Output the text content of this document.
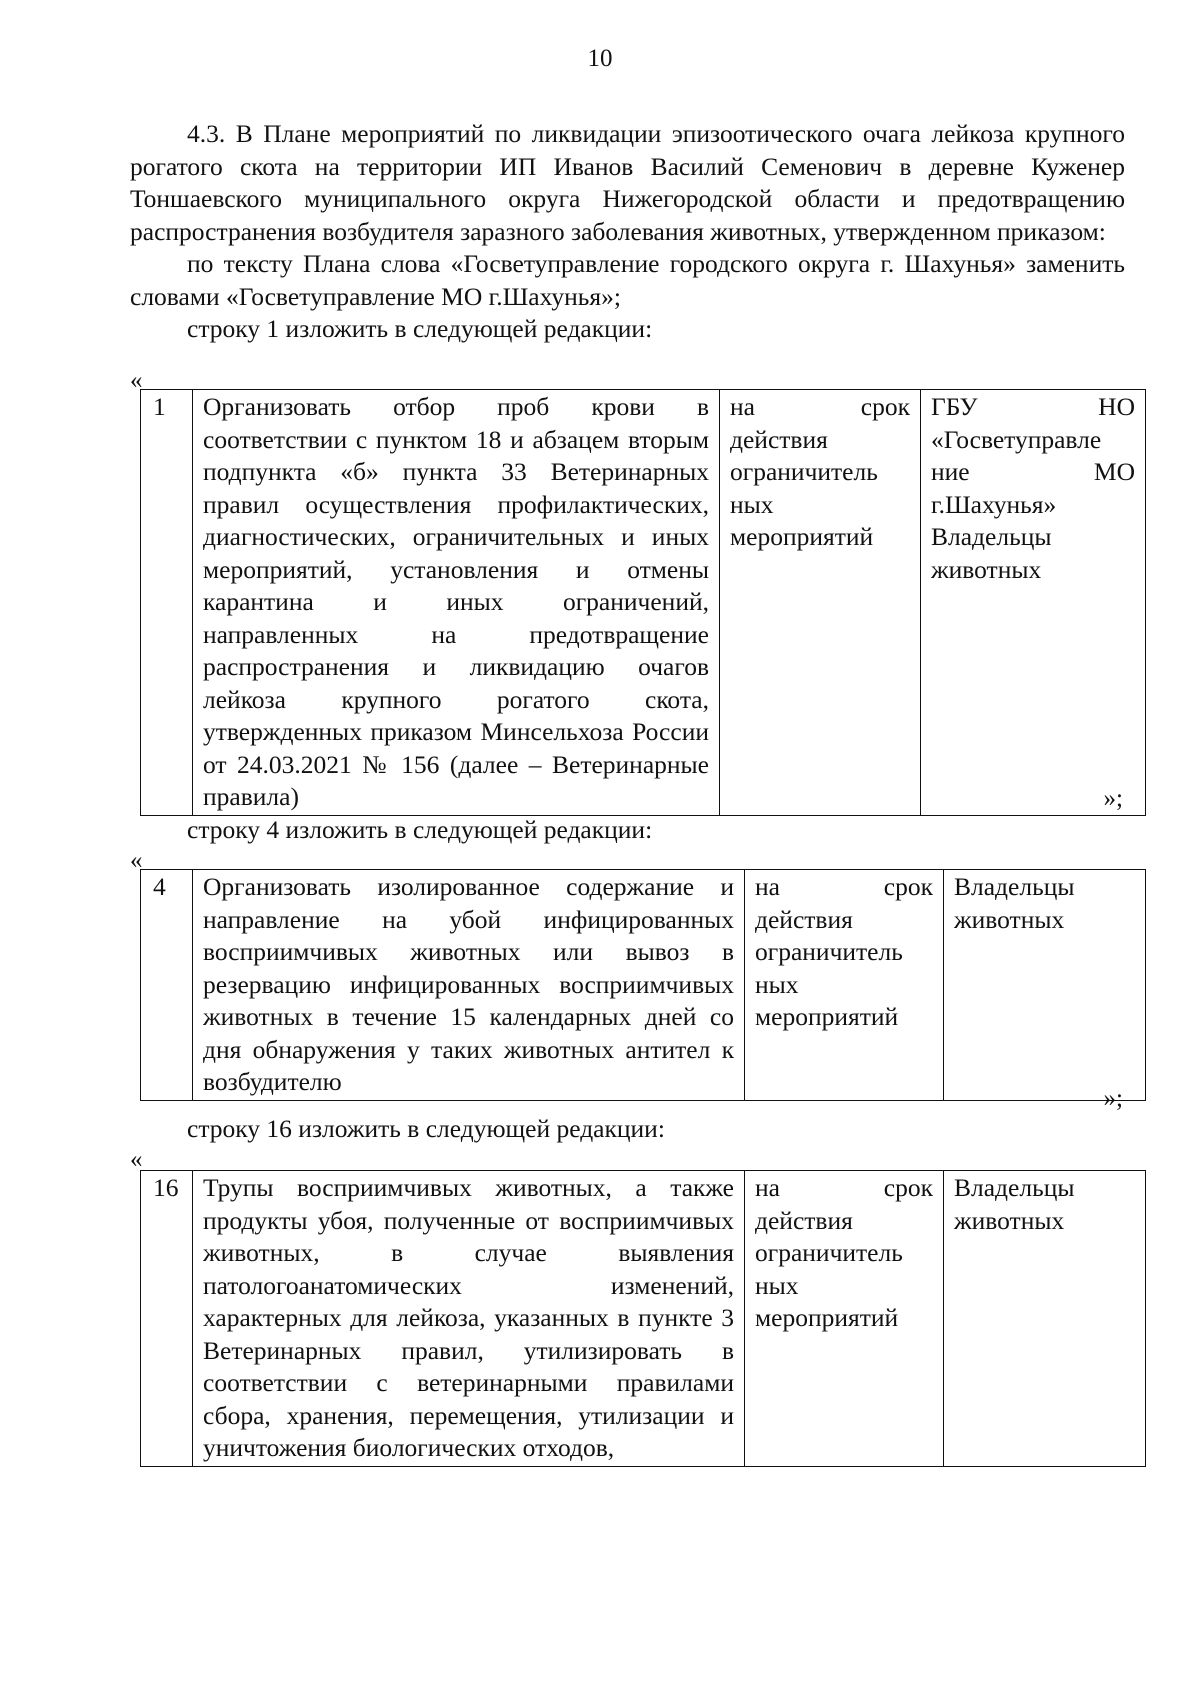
10

4.3. В Плане мероприятий по ликвидации эпизоотического очага лейкоза крупного рогатого скота на территории ИП Иванов Василий Семенович в деревне Куженер Тоншаевского муниципального округа Нижегородской области и предотвращению распространения возбудителя заразного заболевания животных, утвержденном приказом:

по тексту Плана слова «Госветуправление городского округа г. Шахунья» заменить словами «Госветуправление МО г.Шахунья»;

строку 1 изложить в следующей редакции:

«
1	Организовать отбор проб крови в соответствии с пунктом 18 и абзацем вторым подпункта «б» пункта 33 Ветеринарных правил осуществления профилактических, диагностических, ограничительных и иных мероприятий, установления и отмены карантина и иных ограничений, направленных на предотвращение распространения и ликвидацию очагов лейкоза крупного рогатого скота, утвержденных приказом Минсельхоза России от 24.03.2021 № 156 (далее – Ветеринарные правила)	на срок действия ограничитель ных мероприятий	ГБУ НО «Госветуправле ние МО г.Шахунья» Владельцы животных
»;

строку 4 изложить в следующей редакции:

«
4	Организовать изолированное содержание и направление на убой инфицированных восприимчивых животных или вывоз в резервацию инфицированных восприимчивых животных в течение 15 календарных дней со дня обнаружения у таких животных антител к возбудителю	на срок действия ограничитель ных мероприятий	Владельцы животных
»;

строку 16 изложить в следующей редакции:

«
16	Трупы восприимчивых животных, а также продукты убоя, полученные от восприимчивых животных, в случае выявления патологоанатомических изменений, характерных для лейкоза, указанных в пункте 3 Ветеринарных правил, утилизировать в соответствии с ветеринарными правилами сбора, хранения, перемещения, утилизации и уничтожения биологических отходов,	на срок действия ограничитель ных мероприятий	Владельцы животных
